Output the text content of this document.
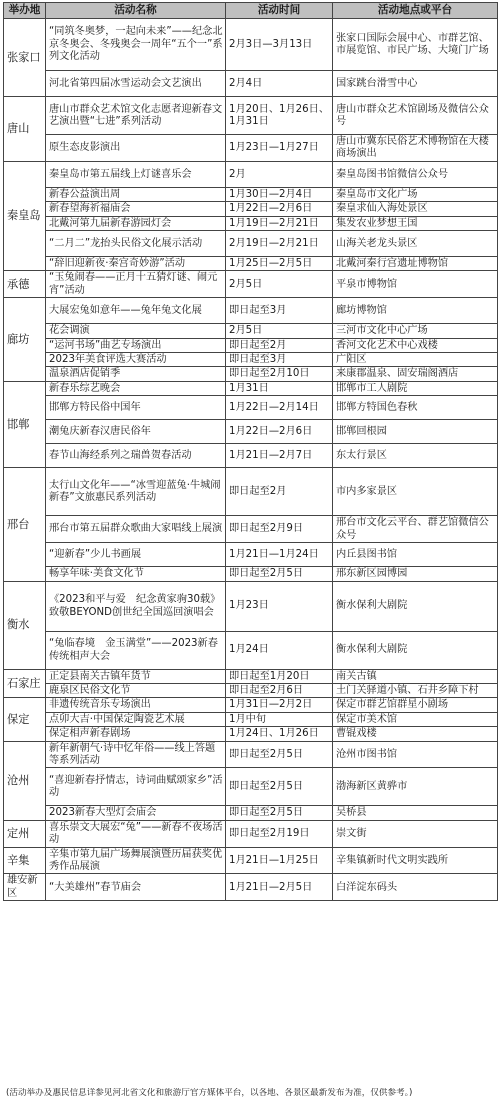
举办地	活动名称	活动时间	活动地点或平台
张家口	“同筑冬奥梦，一起向未来”——纪念北京冬奥会、冬残奥会一周年“五个一”系列文化活动	2月3日—3月13日	张家口国际会展中心、市群艺馆、市展览馆、市民广场、大境门广场
	河北省第四届冰雪运动会文艺演出	2月4日	国家跳台滑雪中心
唐山	唐山市群众艺术馆文化志愿者迎新春文艺演出暨“七进”系列活动	1月20日、1月26日、1月31日	唐山市群众艺术馆剧场及微信公众号
	原生态皮影演出	1月23日—1月27日	唐山市冀东民俗艺术博物馆在大楼商场演出
秦皇岛	秦皇岛市第五届线上灯谜喜乐会	2月	秦皇岛图书馆微信公众号
	新春公益演出周	1月30日—2月4日	秦皇岛市文化广场
	新春望海祈福庙会	1月22日—2月6日	秦皇求仙入海处景区
	北戴河第九届新春游园灯会	1月19日—2月21日	集发农业梦想王国
	“二月二”龙抬头民俗文化展示活动	2月19日—2月21日	山海关老龙头景区
	“辞旧迎新夜·秦宫奇妙游”活动	1月25日—2月5日	北戴河秦行宫遗址博物馆
承德	“玉兔闹春——正月十五猜灯谜、闹元宵”活动	2月5日	平泉市博物馆
廊坊	大展宏兔如意年——兔年兔文化展	即日起至3月	廊坊博物馆
	花会调演	2月5日	三河市文化中心广场
	“运河书场”曲艺专场演出	即日起至2月	香河文化艺术中心戏楼
	2023年美食评选大赛活动	即日起至3月	广阳区
	温泉酒店促销季	即日起至2月10日	来康郡温泉、固安瑞阁酒店
邯郸	新春乐综艺晚会	1月31日	邯郸市工人剧院
	邯郸方特民俗中国年	1月22日—2月14日	邯郸方特国色春秋
	潮兔庆新春汉唐民俗年	1月22日—2月6日	邯郸回根园
	春节山海经系列之瑞兽贺春活动	1月21日—2月7日	东太行景区
邢台	太行山文化年——“冰雪迎蓝兔·牛城闹新春”文旅惠民系列活动	即日起至2月	市内多家景区
	邢台市第五届群众歌曲大家唱线上展演	即日起至2月9日	邢台市文化云平台、群艺馆微信公众号
	“迎新春”少儿书画展	1月21日—1月24日	内丘县图书馆
	畅享年味·美食文化节	即日起至2月5日	邢东新区园博园
衡水	《2023和平与爱　纪念黄家驹30载》致敬BEYOND创世纪全国巡回演唱会	1月23日	衡水保利大剧院
	“兔临春境　金玉满堂”——2023新春传统相声大会	1月24日	衡水保利大剧院
石家庄	正定县南关古镇年货节	即日起至1月20日	南关古镇
	鹿泉区民俗文化节	即日起至2月6日	土门关驿道小镇、石井乡障下村
保定	非遗传统音乐专场演出	1月31日—2月2日	保定市群艺馆群星小剧场
	点卯大吉·中国保定陶瓷艺术展	1月中旬	保定市美术馆
	保定相声新春剧场	1月24日、1月26日	曹锟戏楼
沧州	新年新朝气·诗中忆年俗——线上答题等系列活动	即日起至2月5日	沧州市图书馆
	“喜迎新春抒情志，诗词曲赋颂家乡”活动	即日起至2月5日	渤海新区黄骅市
	2023新春大型灯会庙会	即日起至2月5日	吴桥县
定州	喜乐崇文大展宏“兔”——新春不夜场活动	即日起至2月19日	崇文街
辛集	辛集市第九届广场舞展演暨历届获奖优秀作品展演	1月21日—1月25日	辛集镇新时代文明实践所
雄安新区	“大美雄州”春节庙会	1月21日—2月5日	白洋淀东码头
(活动举办及惠民信息详参见河北省文化和旅游厅官方媒体平台，以各地、各景区最新发布为准，仅供参考。)
